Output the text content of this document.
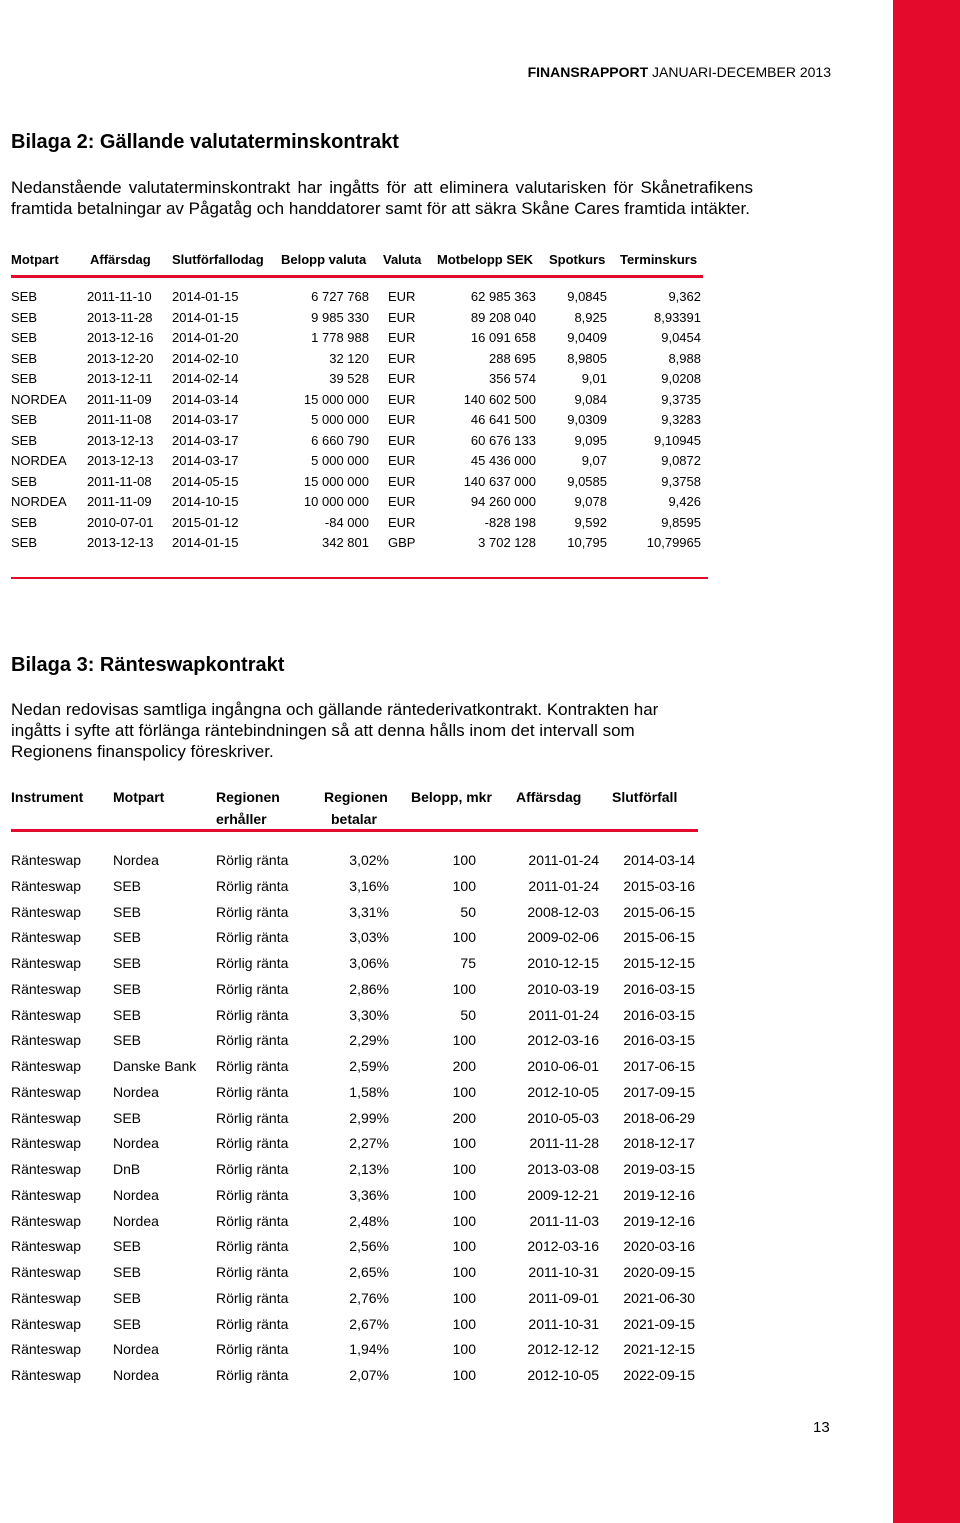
FINANSRAPPORT JANUARI-DECEMBER 2013
Bilaga 2: Gällande valutaterminskontrakt

Nedanstående valutaterminskontrakt har ingåtts för att eliminera valutarisken för Skånetrafikens framtida betalningar av Pågatåg och handdatorer samt för att säkra Skåne Cares framtida intäkter.

Motpart Affärsdag Slutförfallodag Belopp valuta Valuta Motbelopp SEK Spotkurs Terminskurs
SEB	2011-11-10	2014-01-15	6 727 768 EUR	62 985 363	9,0845	9,362
SEB	2013-11-28	2014-01-15	9 985 330 EUR	89 208 040	8,925	8,93391
SEB	2013-12-16	2014-01-20	1 778 988 EUR	16 091 658	9,0409	9,0454
SEB	2013-12-20	2014-02-10	32 120 EUR	288 695	8,9805	8,988
SEB	2013-12-11	2014-02-14	39 528 EUR	356 574	9,01	9,0208
NORDEA	2011-11-09	2014-03-14	15 000 000 EUR	140 602 500	9,084	9,3735
SEB	2011-11-08	2014-03-17	5 000 000 EUR	46 641 500	9,0309	9,3283
SEB	2013-12-13	2014-03-17	6 660 790 EUR	60 676 133	9,095	9,10945
NORDEA	2013-12-13	2014-03-17	5 000 000 EUR	45 436 000	9,07	9,0872
SEB	2011-11-08	2014-05-15	15 000 000 EUR	140 637 000	9,0585	9,3758
NORDEA	2011-11-09	2014-10-15	10 000 000 EUR	94 260 000	9,078	9,426
SEB	2010-07-01	2015-01-12	-84 000 EUR	-828 198	9,592	9,8595
SEB	2013-12-13	2014-01-15	342 801 GBP	3 702 128	10,795	10,79965
Bilaga 3: Ränteswapkontrakt

Nedan redovisas samtliga ingångna och gällande räntederivatkontrakt. Kontrakten har ingåtts i syfte att förlänga räntebindningen så att denna hålls inom det intervall som Regionens finanspolicy föreskriver.

Instrument Motpart	Regionen
erhåller
Regionen
betalar
Belopp, mkr Affärsdag Slutförfall
Ränteswap	Nordea	Rörlig ränta	3,02%	100	2011-01-24	2014-03-14
Ränteswap	SEB	Rörlig ränta	3,16%	100	2011-01-24	2015-03-16
Ränteswap	SEB	Rörlig ränta	3,31%	50	2008-12-03	2015-06-15
Ränteswap	SEB	Rörlig ränta	3,03%	100	2009-02-06	2015-06-15
Ränteswap	SEB	Rörlig ränta	3,06%	75	2010-12-15	2015-12-15
Ränteswap	SEB	Rörlig ränta	2,86%	100	2010-03-19	2016-03-15
Ränteswap	SEB	Rörlig ränta	3,30%	50	2011-01-24	2016-03-15
Ränteswap	SEB	Rörlig ränta	2,29%	100	2012-03-16	2016-03-15
Ränteswap	Danske Bank	Rörlig ränta	2,59%	200	2010-06-01	2017-06-15
Ränteswap	Nordea	Rörlig ränta	1,58%	100	2012-10-05	2017-09-15
Ränteswap	SEB	Rörlig ränta	2,99%	200	2010-05-03	2018-06-29
Ränteswap	Nordea	Rörlig ränta	2,27%	100	2011-11-28	2018-12-17
Ränteswap	DnB	Rörlig ränta	2,13%	100	2013-03-08	2019-03-15
Ränteswap	Nordea	Rörlig ränta	3,36%	100	2009-12-21	2019-12-16
Ränteswap	Nordea	Rörlig ränta	2,48%	100	2011-11-03	2019-12-16
Ränteswap	SEB	Rörlig ränta	2,56%	100	2012-03-16	2020-03-16
Ränteswap	SEB	Rörlig ränta	2,65%	100	2011-10-31	2020-09-15
Ränteswap	SEB	Rörlig ränta	2,76%	100	2011-09-01	2021-06-30
Ränteswap	SEB	Rörlig ränta	2,67%	100	2011-10-31	2021-09-15
Ränteswap	Nordea	Rörlig ränta	1,94%	100	2012-12-12	2021-12-15
Ränteswap	Nordea	Rörlig ränta	2,07%	100	2012-10-05	2022-09-15
13
